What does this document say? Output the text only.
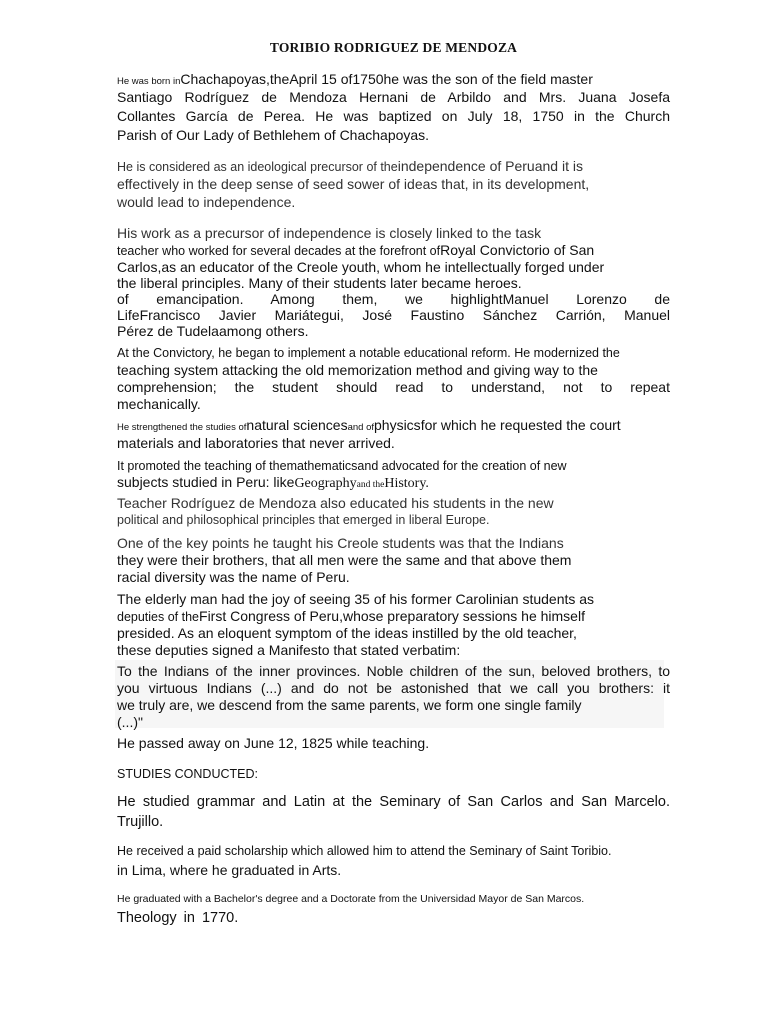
TORIBIO RODRIGUEZ DE MENDOZA
He was born inChachapoyas,theApril 15 of1750he was the son of the field master
Santiago Rodríguez de Mendoza Hernani de Arbildo and Mrs. Juana Josefa
Collantes García de Perea. He was baptized on July 18, 1750 in the Church
Parish of Our Lady of Bethlehem of Chachapoyas.
He is considered as an ideological precursor of theindependence of Peruand it is
effectively in the deep sense of seed sower of ideas that, in its development,
would lead to independence.
His work as a precursor of independence is closely linked to the task
teacher who worked for several decades at the forefront ofRoyal Convictorio of San
Carlos,as an educator of the Creole youth, whom he intellectually forged under
the liberal principles. Many of their students later became heroes.
of emancipation. Among them, we highlightManuel Lorenzo de
LifeFrancisco Javier Mariátegui, José Faustino Sánchez Carrión, Manuel
Pérez de Tudelaamong others.
At the Convictory, he began to implement a notable educational reform. He modernized the
teaching system attacking the old memorization method and giving way to the
comprehension; the student should read to understand, not to repeat
mechanically.
He strengthened the studies ofnatural sciencesand ofphysicsfor which he requested the court
materials and laboratories that never arrived.
It promoted the teaching of themathematicsand advocated for the creation of new
subjects studied in Peru: likeGeographyand theHistory.
Teacher Rodríguez de Mendoza also educated his students in the new
political and philosophical principles that emerged in liberal Europe.
One of the key points he taught his Creole students was that the Indians
they were their brothers, that all men were the same and that above them
racial diversity was the name of Peru.
The elderly man had the joy of seeing 35 of his former Carolinian students as
deputies of theFirst Congress of Peru,whose preparatory sessions he himself
presided. As an eloquent symptom of the ideas instilled by the old teacher,
these deputies signed a Manifesto that stated verbatim:
To the Indians of the inner provinces. Noble children of the sun, beloved brothers, to
you virtuous Indians (...) and do not be astonished that we call you brothers: it
we truly are, we descend from the same parents, we form one single family
(...)"
He passed away on June 12, 1825 while teaching.
STUDIES CONDUCTED:
He studied grammar and Latin at the Seminary of San Carlos and San Marcelo.
Trujillo.
He received a paid scholarship which allowed him to attend the Seminary of Saint Toribio.
in Lima, where he graduated in Arts.
He graduated with a Bachelor's degree and a Doctorate from the Universidad Mayor de San Marcos.
Theology in 1770.
